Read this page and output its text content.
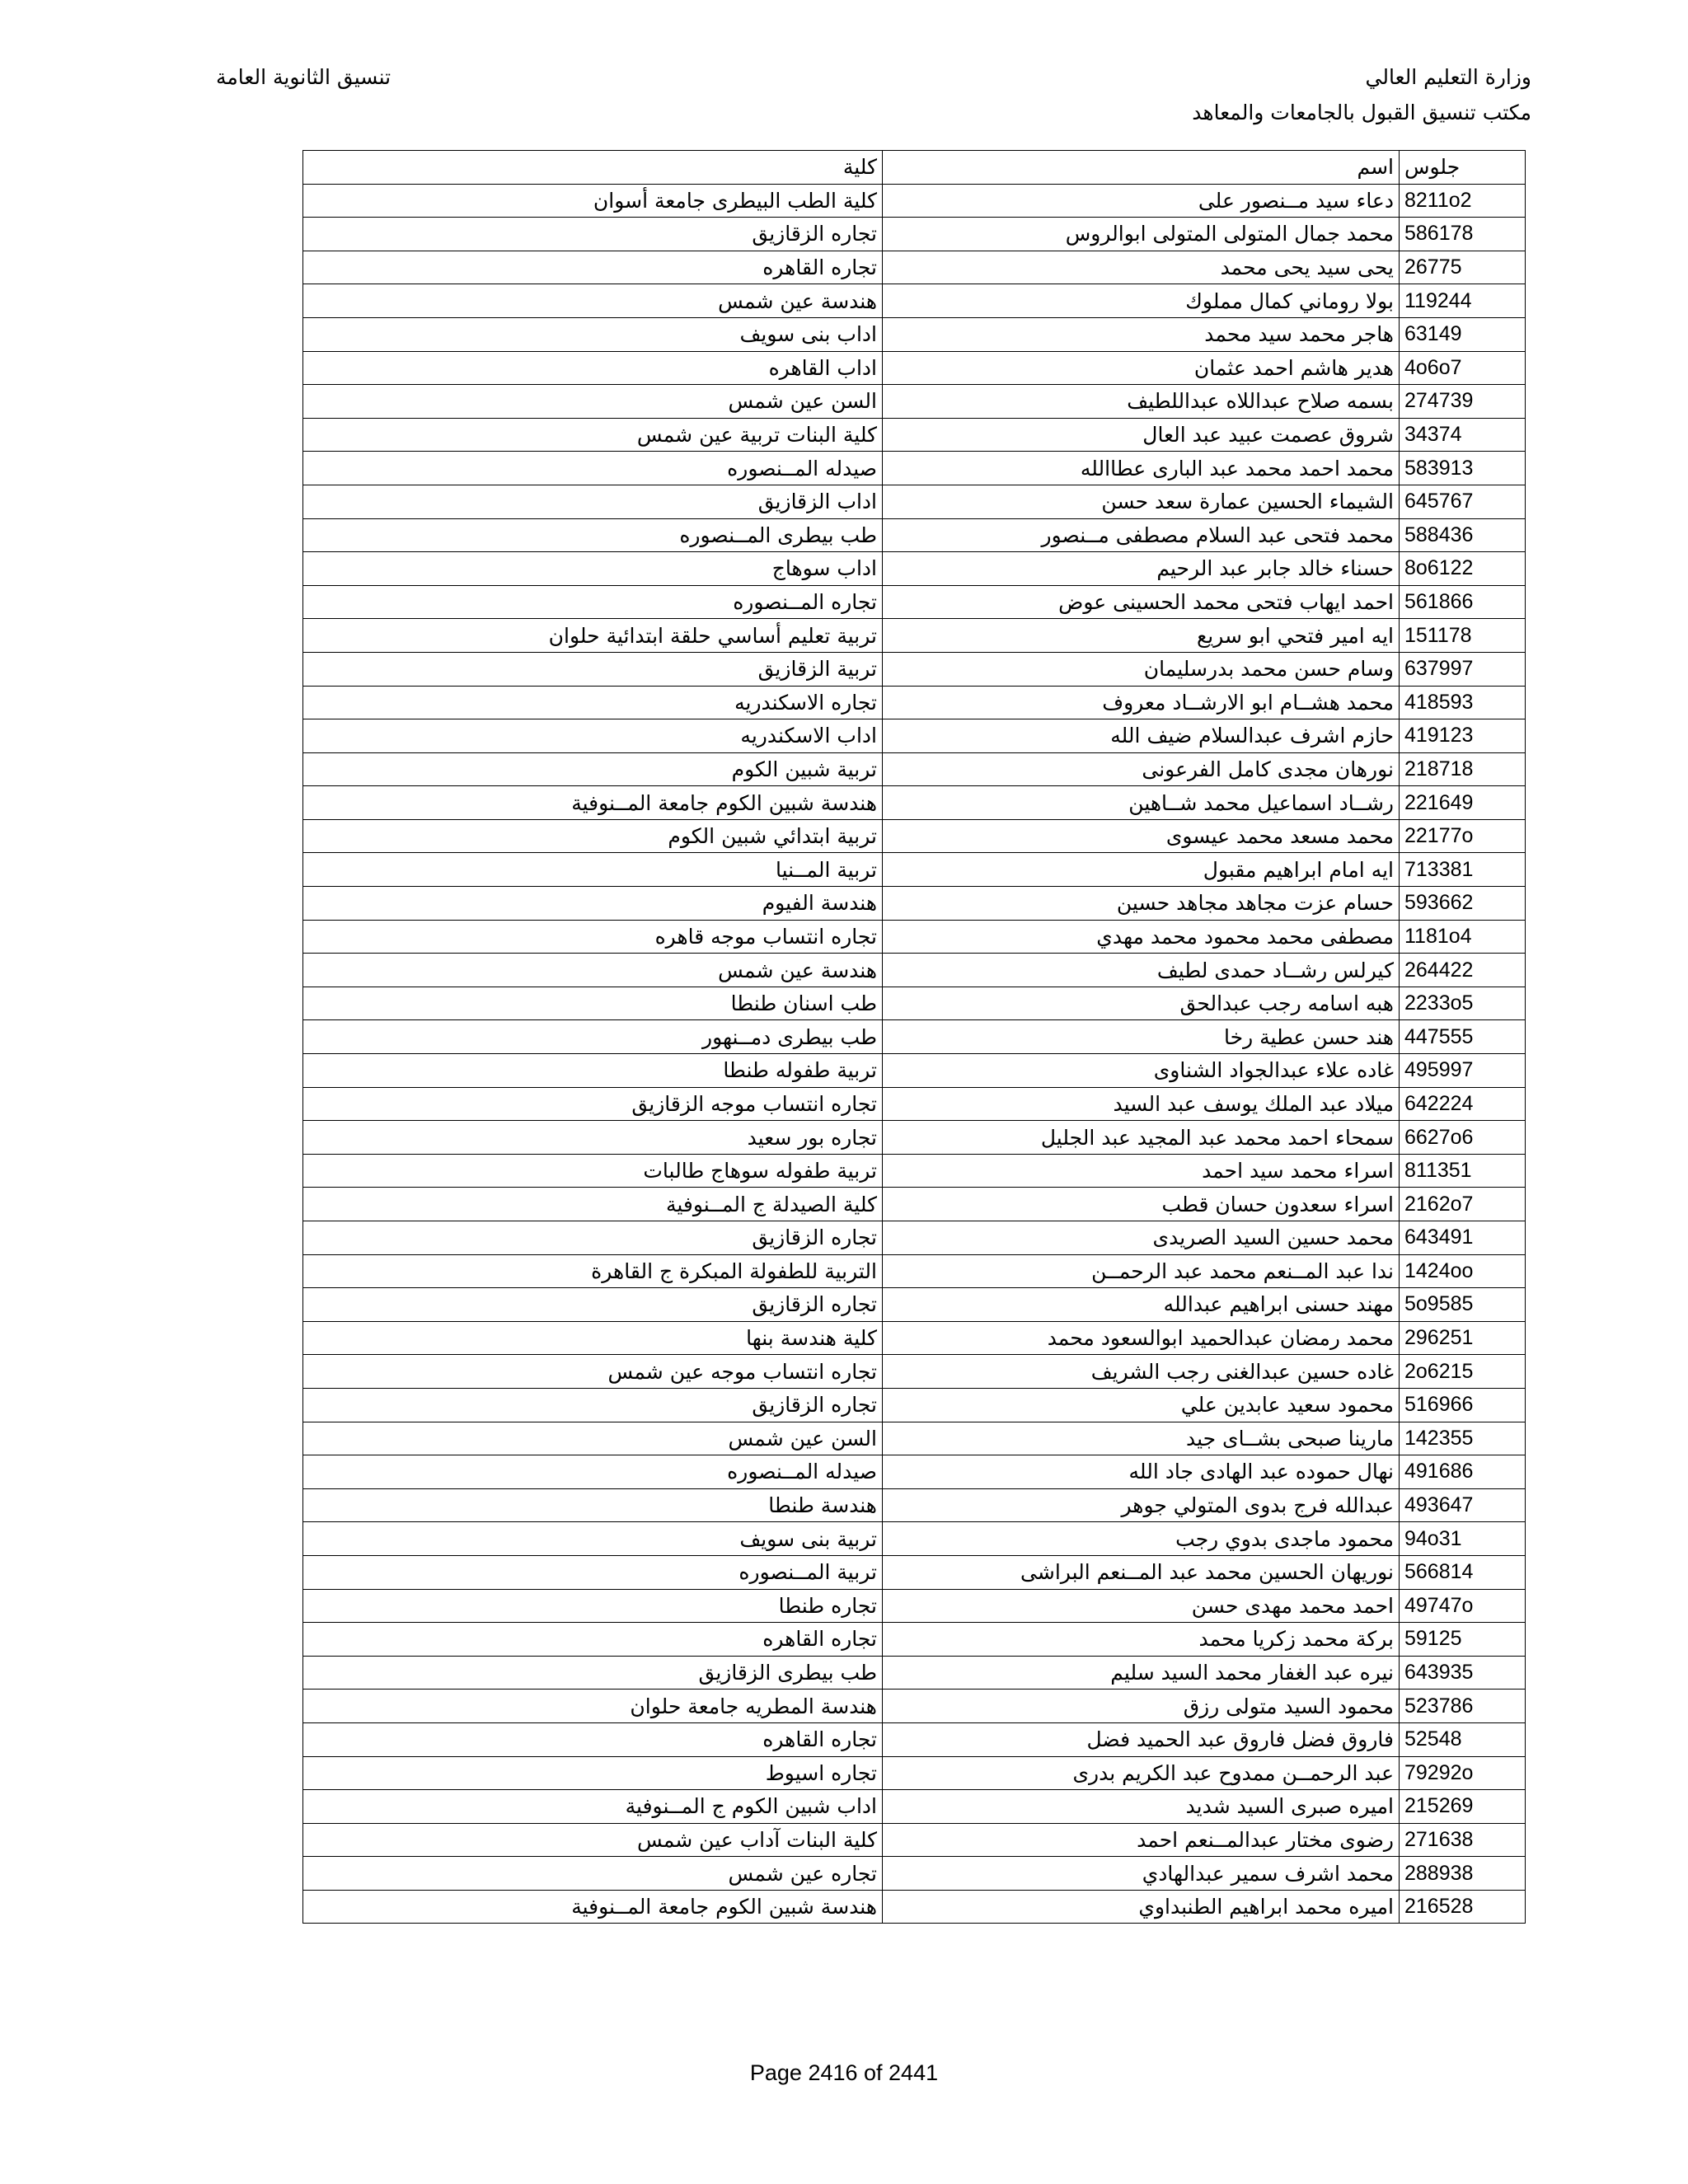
وزارة التعليم العالي
مكتب تنسيق القبول بالجامعات والمعاهد
تنسيق الثانوية العامة
جلوس	اسم	كلية
8211o2	دعاء سيد مــنصور على	كلية الطب البيطرى جامعة أسوان
586178	محمد جمال المتولى المتولى ابوالروس	تجاره الزقازيق
26775	يحى سيد يحى محمد	تجاره القاهره
119244	بولا روماني كمال مملوك	هندسة عين شمس
63149	هاجر محمد سيد محمد	اداب بنى سويف
4o6o7	هدير هاشم احمد عثمان	اداب القاهره
274739	بسمه صلاح عبداللاه عبداللطيف	السن عين شمس
34374	شروق عصمت عبيد عبد العال	كلية البنات تربية عين شمس
583913	محمد احمد محمد عبد البارى عطاالله	صيدله المــنصوره
645767	الشيماء الحسين عمارة سعد حسن	اداب الزقازيق
588436	محمد فتحى عبد السلام مصطفى مــنصور	طب بيطرى المــنصوره
8o6122	حسناء خالد جابر عبد الرحيم	اداب سوهاج
561866	احمد ايهاب فتحى محمد الحسينى عوض	تجاره المــنصوره
151178	ايه امير فتحي ابو سريع	تربية تعليم أساسي حلقة ابتدائية حلوان
637997	وسام حسن محمد بدرسليمان	تربية الزقازيق
418593	محمد هشــام ابو الارشــاد معروف	تجاره الاسكندريه
419123	حازم اشرف عبدالسلام ضيف الله	اداب الاسكندريه
218718	نورهان مجدى كامل الفرعونى	تربية شبين الكوم
221649	رشــاد اسماعيل محمد شــاهين	هندسة شبين الكوم جامعة المــنوفية
22177o	محمد مسعد محمد عيسوى	تربية ابتدائي شبين الكوم
713381	ايه امام ابراهيم مقبول	تربية المــنيا
593662	حسام عزت مجاهد مجاهد حسين	هندسة الفيوم
1181o4	مصطفى محمد محمود محمد مهدي	تجاره انتساب موجه قاهره
264422	كيرلس رشــاد حمدى لطيف	هندسة عين شمس
2233o5	هبه اسامه رجب عبدالحق	طب اسنان طنطا
447555	هند حسن عطية رخا	طب بيطرى دمــنهور
495997	غاده علاء عبدالجواد الشناوى	تربية طفوله طنطا
642224	ميلاد عبد الملك يوسف عبد السيد	تجاره انتساب موجه الزقازيق
6627o6	سمحاء احمد محمد عبد المجيد عبد الجليل	تجاره بور سعيد
811351	اسراء محمد سيد احمد	تربية طفوله سوهاج طالبات
2162o7	اسراء سعدون حسان قطب	كلية الصيدلة ج المــنوفية
643491	محمد حسين السيد الصريدى	تجاره الزقازيق
1424oo	ندا عبد المــنعم محمد عبد الرحمــن	التربية للطفولة المبكرة ج القاهرة
5o9585	مهند حسنى ابراهيم عبدالله	تجاره الزقازيق
296251	محمد رمضان عبدالحميد ابوالسعود محمد	كلية هندسة بنها
2o6215	غاده حسين عبدالغنى رجب الشريف	تجاره انتساب موجه عين شمس
516966	محمود سعيد عابدين علي	تجاره الزقازيق
142355	مارينا صبحى بشــاى جيد	السن عين شمس
491686	نهال حموده عبد الهادى جاد الله	صيدله المــنصوره
493647	عبدالله فرج بدوى المتولي جوهر	هندسة طنطا
94o31	محمود ماجدى بدوي رجب	تربية بنى سويف
566814	نوريهان الحسين محمد عبد المــنعم البراشى	تربية المــنصوره
49747o	احمد محمد مهدى حسن	تجاره طنطا
59125	بركة محمد زكريا محمد	تجاره القاهره
643935	نيره عبد الغفار محمد السيد سليم	طب بيطرى الزقازيق
523786	محمود السيد متولى رزق	هندسة المطريه جامعة حلوان
52548	فاروق فضل فاروق عبد الحميد فضل	تجاره القاهره
79292o	عبد الرحمــن ممدوح عبد الكريم بدرى	تجاره اسيوط
215269	اميره صبرى السيد شديد	اداب شبين الكوم ج المــنوفية
271638	رضوى مختار عبدالمــنعم احمد	كلية البنات آداب عين شمس
288938	محمد اشرف سمير عبدالهادي	تجاره عين شمس
216528	اميره محمد ابراهيم الطنبداوي	هندسة شبين الكوم جامعة المــنوفية
Page 2416 of 2441
